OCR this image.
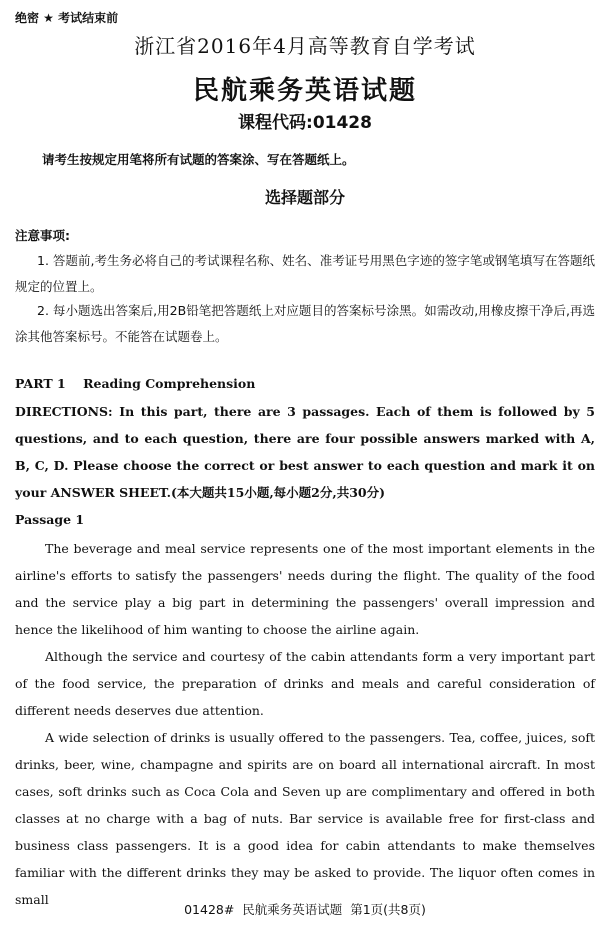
绝密 ★ 考试结束前
浙江省2016年4月高等教育自学考试
民航乘务英语试题
课程代码:01428
请考生按规定用笔将所有试题的答案涂、写在答题纸上。
选择题部分
注意事项:
1. 答题前,考生务必将自己的考试课程名称、姓名、准考证号用黑色字迹的签字笔或钢笔填写在答题纸规定的位置上。
2. 每小题选出答案后,用2B铅笔把答题纸上对应题目的答案标号涂黑。如需改动,用橡皮擦干净后,再选涂其他答案标号。不能答在试题卷上。
PART 1    Reading Comprehension
DIRECTIONS: In this part, there are 3 passages. Each of them is followed by 5 questions, and to each question, there are four possible answers marked with A, B, C, D. Please choose the correct or best answer to each question and mark it on your ANSWER SHEET.(本大题共15小题,每小题2分,共30分)
Passage 1
The beverage and meal service represents one of the most important elements in the airline's efforts to satisfy the passengers' needs during the flight. The quality of the food and the service play a big part in determining the passengers' overall impression and hence the likelihood of him wanting to choose the airline again.
Although the service and courtesy of the cabin attendants form a very important part of the food service, the preparation of drinks and meals and careful consideration of different needs deserves due attention.
A wide selection of drinks is usually offered to the passengers. Tea, coffee, juices, soft drinks, beer, wine, champagne and spirits are on board all international aircraft. In most cases, soft drinks such as Coca Cola and Seven up are complimentary and offered in both classes at no charge with a bag of nuts. Bar service is available free for first-class and business class passengers. It is a good idea for cabin attendants to make themselves familiar with the different drinks they may be asked to provide. The liquor often comes in small
01428#  民航乘务英语试题  第1页(共8页)
